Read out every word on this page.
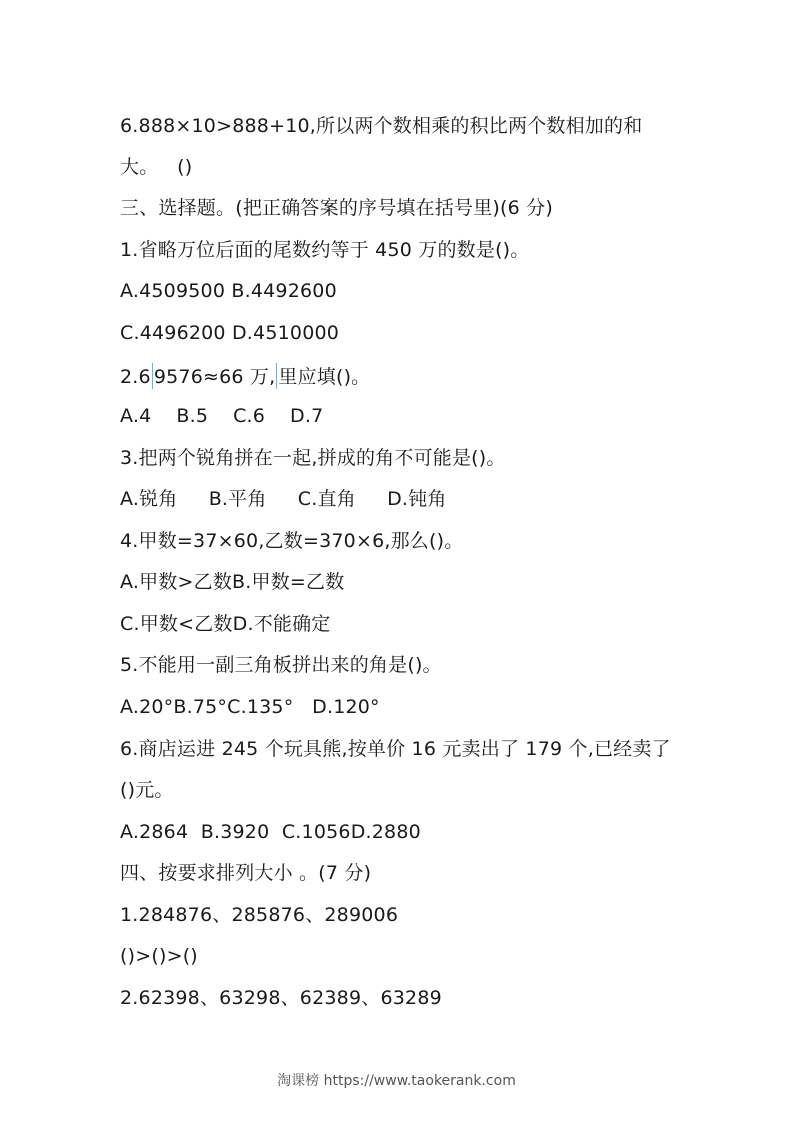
6.888×10>888+10,所以两个数相乘的积比两个数相加的和
大。   ()
三、选择题。(把正确答案的序号填在括号里)(6 分)
1.省略万位后面的尾数约等于 450 万的数是()。
A.4509500 B.4492600
C.4496200 D.4510000
2.6 9576≈66 万, 里应填()。
A.4    B.5    C.6    D.7
3.把两个锐角拼在一起,拼成的角不可能是()。
A.锐角     B.平角     C.直角     D.钝角
4.甲数=37×60,乙数=370×6,那么()。
A.甲数>乙数B.甲数=乙数
C.甲数<乙数D.不能确定
5.不能用一副三角板拼出来的角是()。
A.20°B.75°C.135°   D.120°
6.商店运进 245 个玩具熊,按单价 16 元卖出了 179 个,已经卖了
()元。
A.2864  B.3920  C.1056D.2880
四、按要求排列大小 。(7 分)
1.284876、285876、289006
()>()>()
2.62398、63298、62389、63289
淘课榜 https://www.taokerank.com
